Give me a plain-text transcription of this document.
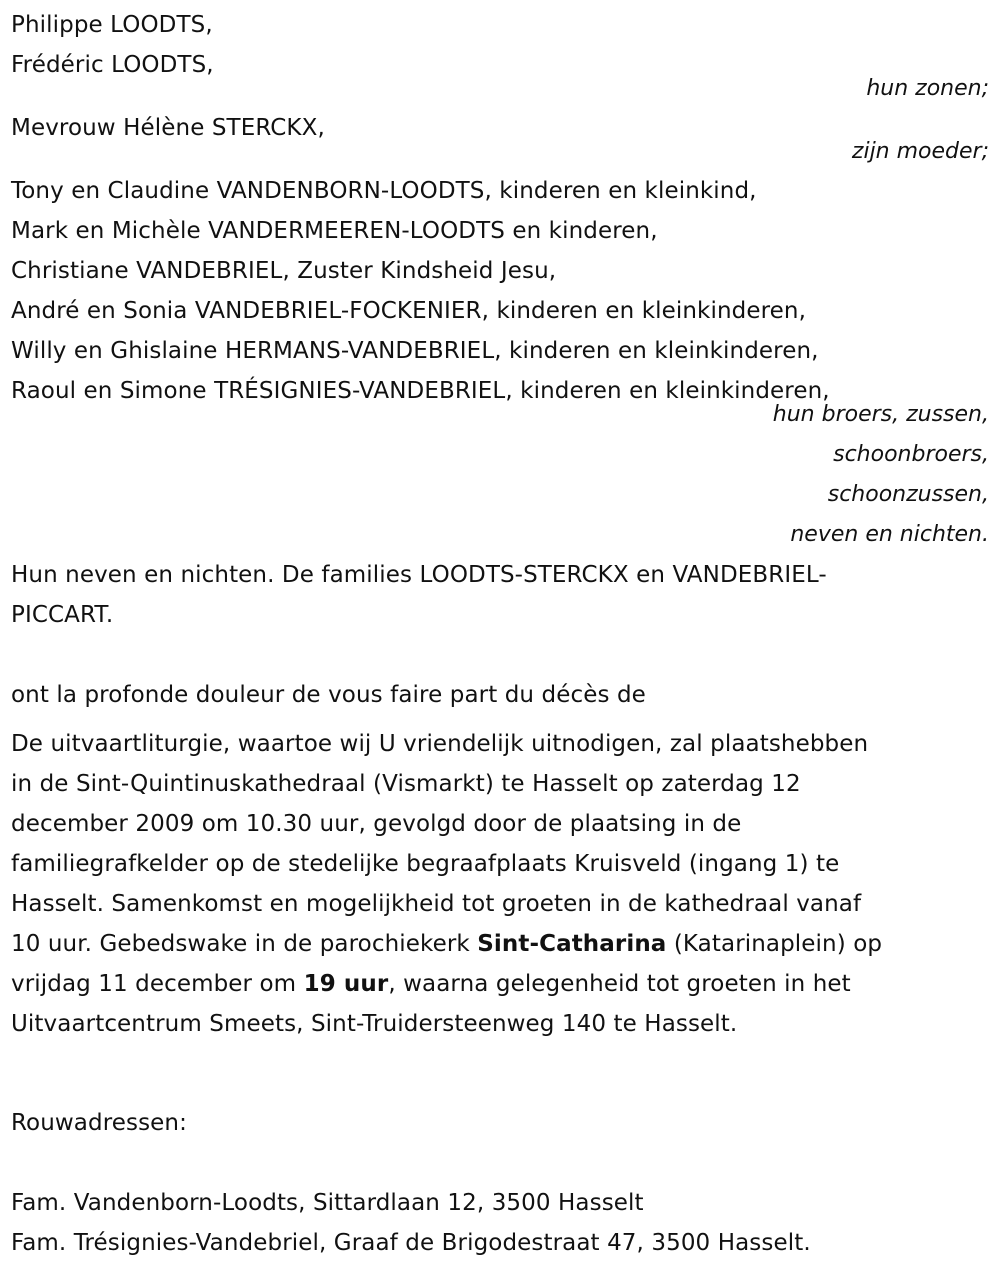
Philippe LOODTS,
Frédéric LOODTS,
hun zonen;
Mevrouw Hélène STERCKX,
zijn moeder;
Tony en Claudine VANDENBORN-LOODTS, kinderen en kleinkind,
Mark en Michèle VANDERMEEREN-LOODTS en kinderen,
Christiane VANDEBRIEL, Zuster Kindsheid Jesu,
André en Sonia VANDEBRIEL-FOCKENIER, kinderen en kleinkinderen,
Willy en Ghislaine HERMANS-VANDEBRIEL, kinderen en kleinkinderen,
Raoul en Simone TRÉSIGNIES-VANDEBRIEL, kinderen en kleinkinderen,
hun broers, zussen,
schoonbroers,
schoonzussen,
neven en nichten.
Hun neven en nichten. De families LOODTS-STERCKX en VANDEBRIEL-
PICCART.
ont la profonde douleur de vous faire part du décès de
De uitvaartliturgie, waartoe wij U vriendelijk uitnodigen, zal plaatshebben
in de Sint-Quintinuskathedraal (Vismarkt) te Hasselt op zaterdag 12
december 2009 om 10.30 uur, gevolgd door de plaatsing in de
familiegrafkelder op de stedelijke begraafplaats Kruisveld (ingang 1) te
Hasselt. Samenkomst en mogelijkheid tot groeten in de kathedraal vanaf
10 uur. Gebedswake in de parochiekerk Sint-Catharina (Katarinaplein) op
vrijdag 11 december om 19 uur, waarna gelegenheid tot groeten in het
Uitvaartcentrum Smeets, Sint-Truidersteenweg 140 te Hasselt.
Rouwadressen:
Fam. Vandenborn-Loodts, Sittardlaan 12, 3500 Hasselt
Fam. Trésignies-Vandebriel, Graaf de Brigodestraat 47, 3500 Hasselt.
